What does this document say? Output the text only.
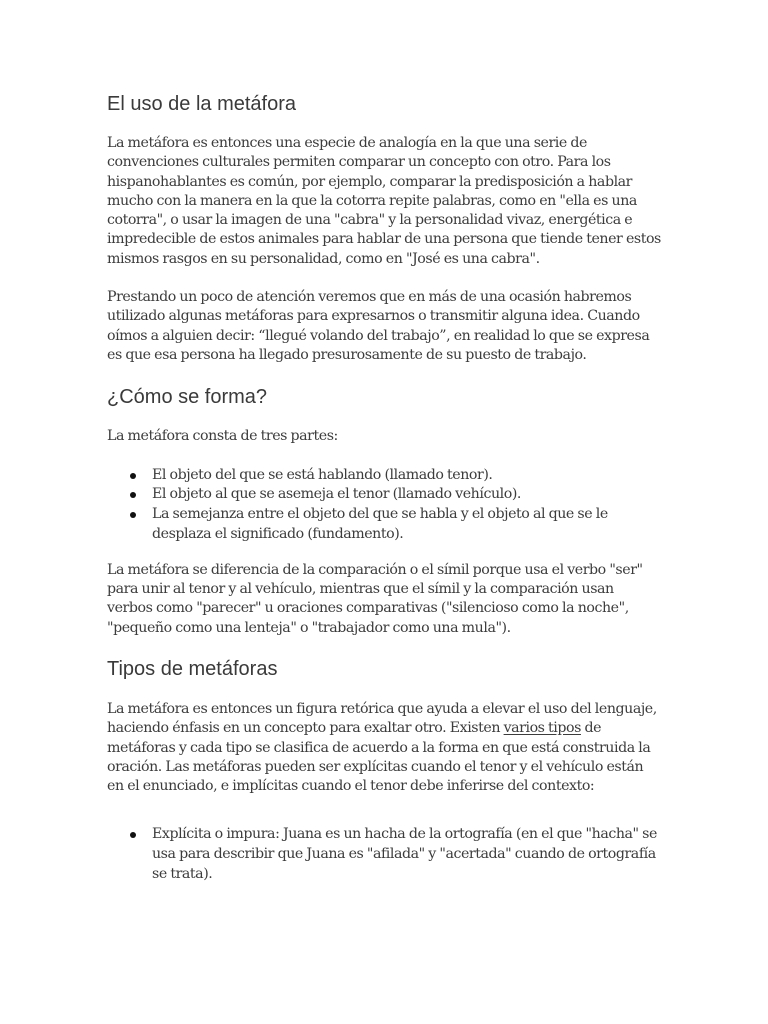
El uso de la metáfora

La metáfora es entonces una especie de analogía en la que una serie de convenciones culturales permiten comparar un concepto con otro. Para los hispanohablantes es común, por ejemplo, comparar la predisposición a hablar mucho con la manera en la que la cotorra repite palabras, como en "ella es una cotorra", o usar la imagen de una "cabra" y la personalidad vivaz, energética e impredecible de estos animales para hablar de una persona que tiende tener estos mismos rasgos en su personalidad, como en "José es una cabra".

Prestando un poco de atención veremos que en más de una ocasión habremos utilizado algunas metáforas para expresarnos o transmitir alguna idea. Cuando oímos a alguien decir: “llegué volando del trabajo”, en realidad lo que se expresa es que esa persona ha llegado presurosamente de su puesto de trabajo.

¿Cómo se forma?

La metáfora consta de tres partes:

El objeto del que se está hablando (llamado tenor).
El objeto al que se asemeja el tenor (llamado vehículo).
La semejanza entre el objeto del que se habla y el objeto al que se le desplaza el significado (fundamento).

La metáfora se diferencia de la comparación o el símil porque usa el verbo "ser" para unir al tenor y al vehículo, mientras que el símil y la comparación usan verbos como "parecer" u oraciones comparativas ("silencioso como la noche", "pequeño como una lenteja" o "trabajador como una mula").

Tipos de metáforas

La metáfora es entonces un figura retórica que ayuda a elevar el uso del lenguaje, haciendo énfasis en un concepto para exaltar otro. Existen varios tipos de metáforas y cada tipo se clasifica de acuerdo a la forma en que está construida la oración. Las metáforas pueden ser explícitas cuando el tenor y el vehículo están en el enunciado, e implícitas cuando el tenor debe inferirse del contexto:

Explícita o impura: Juana es un hacha de la ortografía (en el que "hacha" se usa para describir que Juana es "afilada" y "acertada" cuando de ortografía se trata).
